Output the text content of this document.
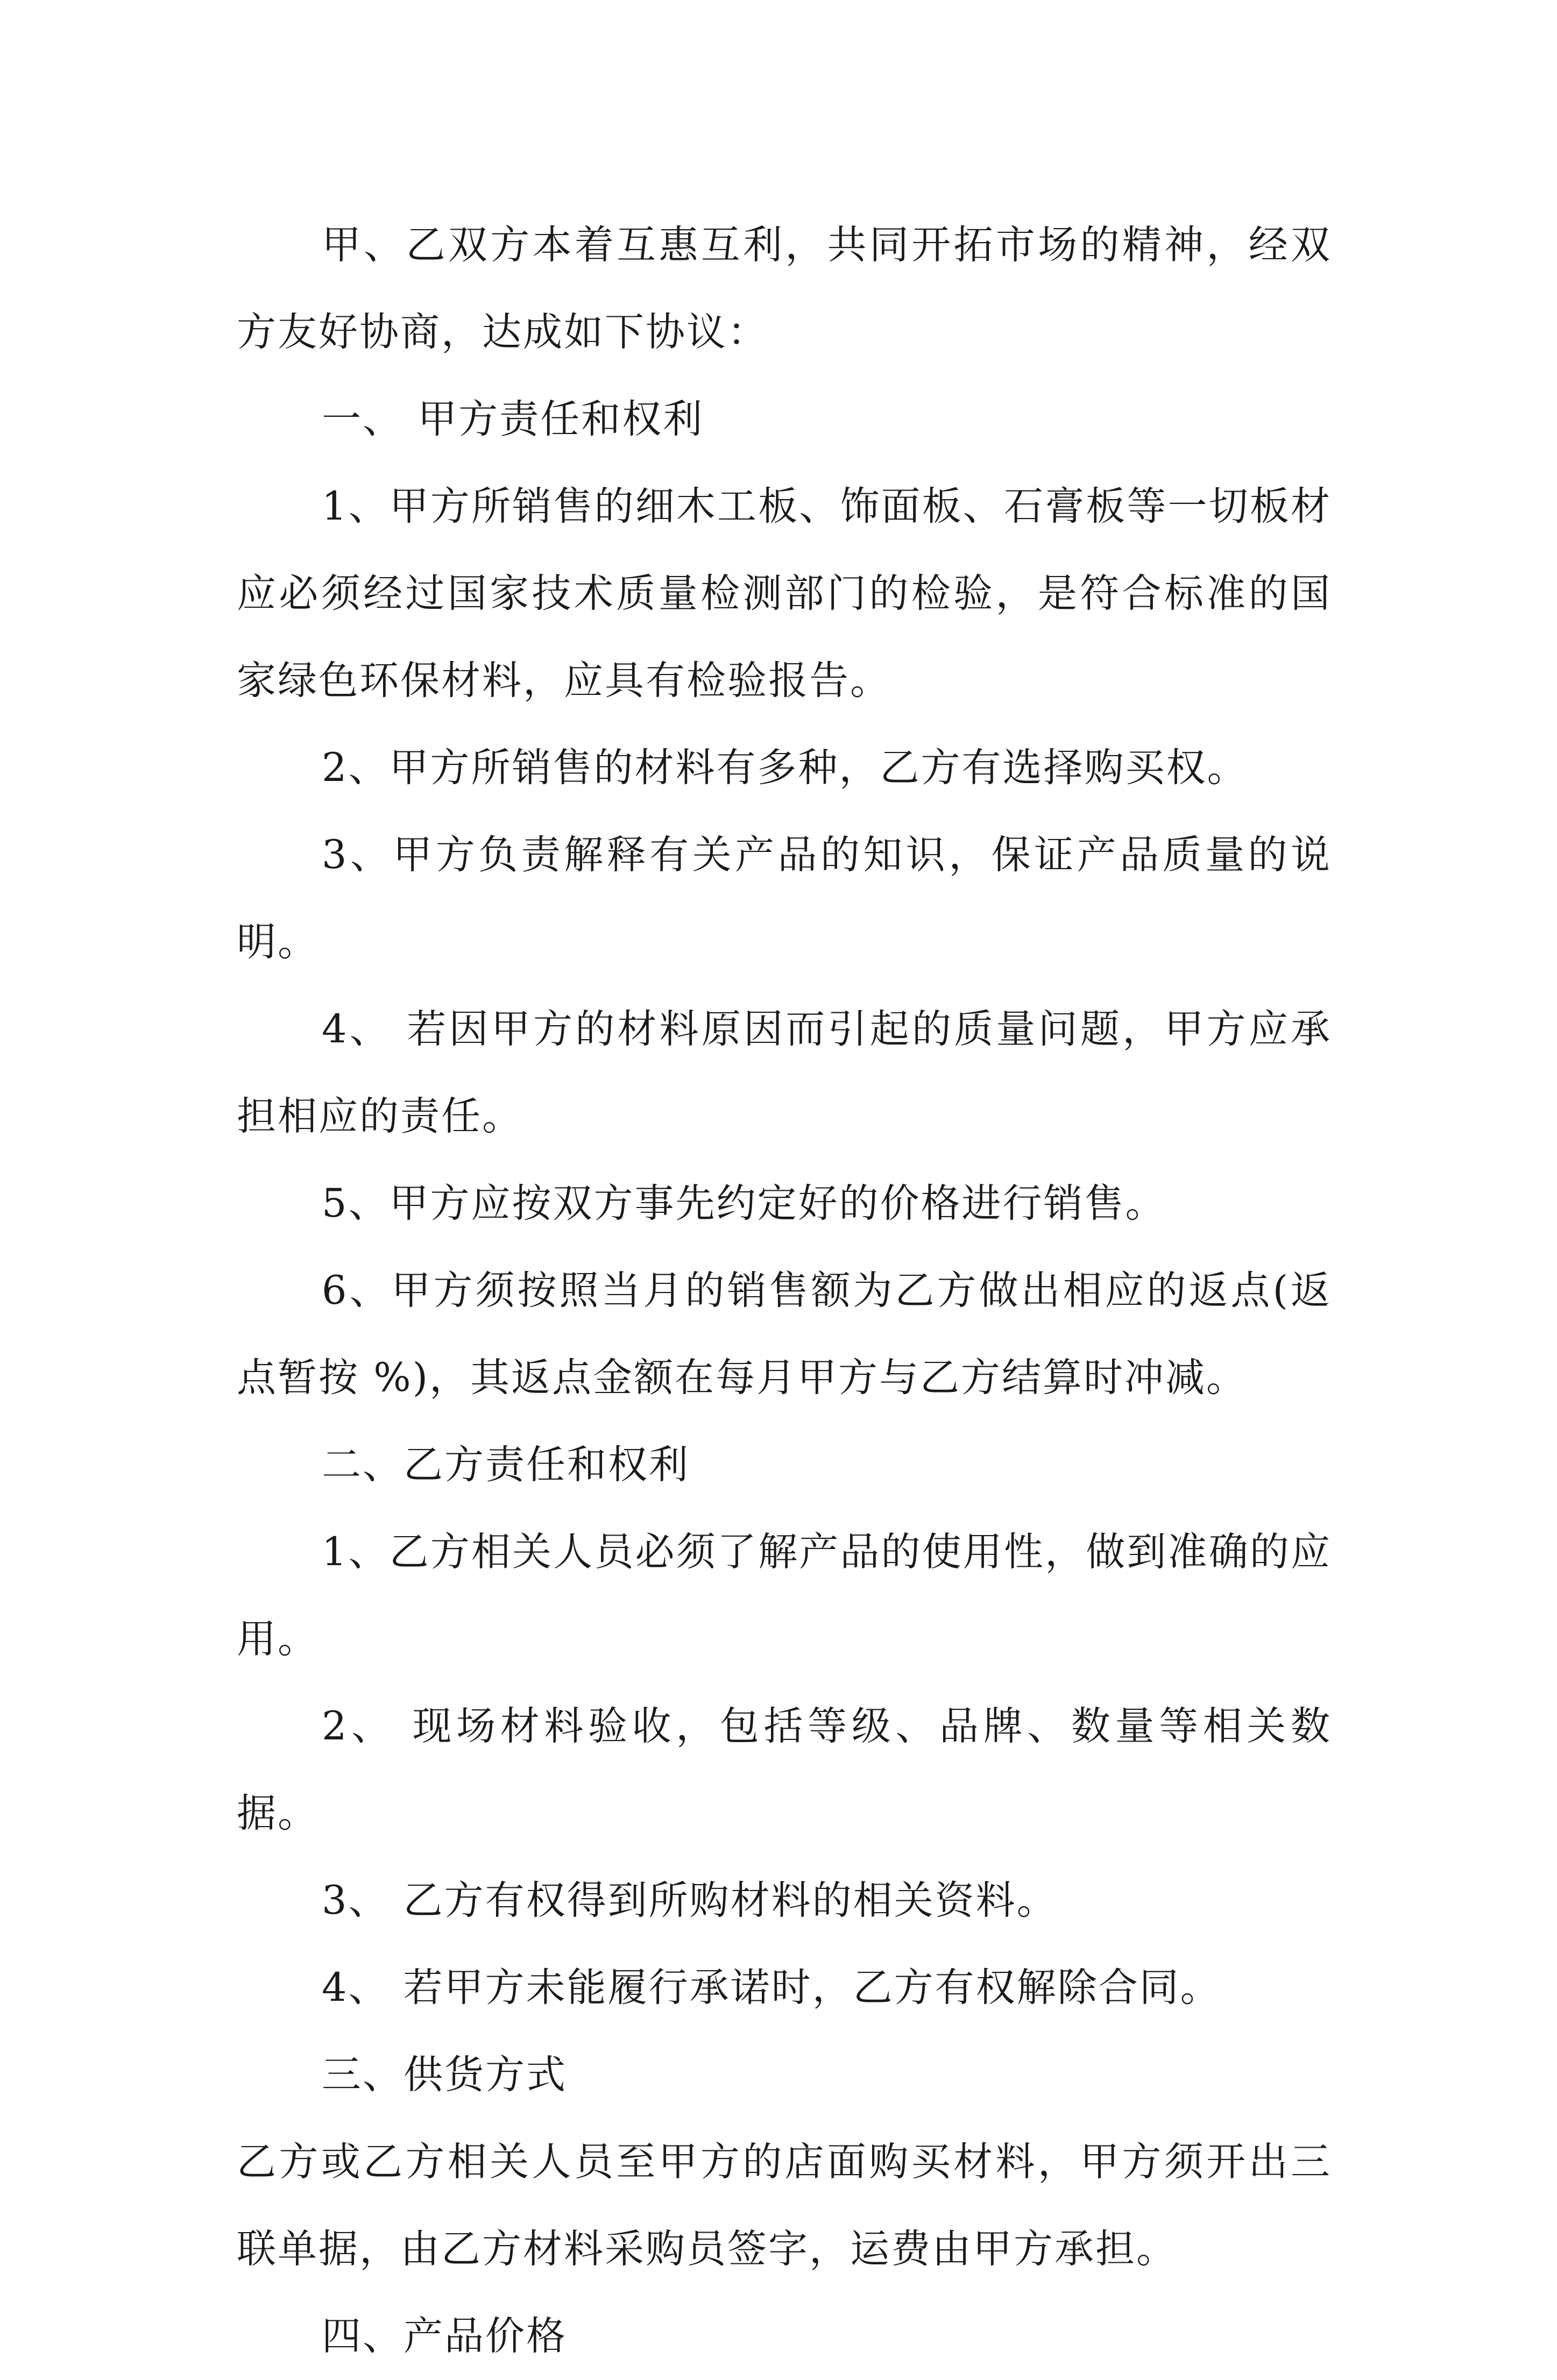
甲、乙双方本着互惠互利，共同开拓市场的精神，经双方友好协商，达成如下协议：

一、 甲方责任和权利

1、甲方所销售的细木工板、饰面板、石膏板等一切板材应必须经过国家技术质量检测部门的检验，是符合标准的国家绿色环保材料，应具有检验报告。

2、甲方所销售的材料有多种，乙方有选择购买权。

3、甲方负责解释有关产品的知识，保证产品质量的说明。

4、 若因甲方的材料原因而引起的质量问题，甲方应承担相应的责任。

5、甲方应按双方事先约定好的价格进行销售。

6、甲方须按照当月的销售额为乙方做出相应的返点(返点暂按 %)，其返点金额在每月甲方与乙方结算时冲减。

二、乙方责任和权利

1、乙方相关人员必须了解产品的使用性，做到准确的应用。

2、 现场材料验收，包括等级、品牌、数量等相关数据。

3、 乙方有权得到所购材料的相关资料。

4、 若甲方未能履行承诺时，乙方有权解除合同。

三、供货方式

乙方或乙方相关人员至甲方的店面购买材料，甲方须开出三联单据，由乙方材料采购员签字，运费由甲方承担。

四、产品价格
